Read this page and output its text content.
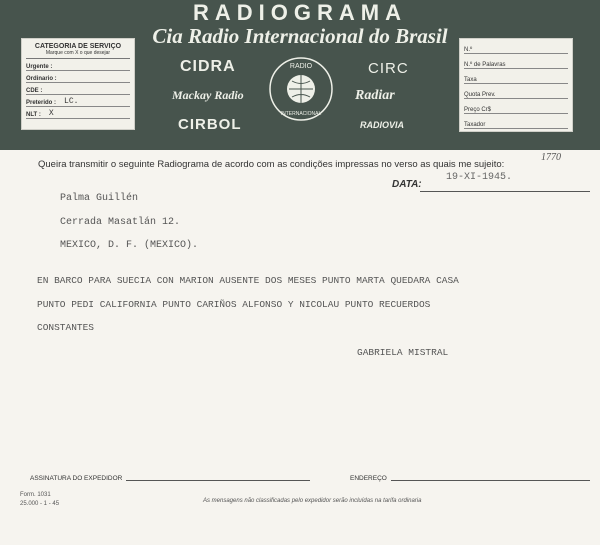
RADIOGRAMA
Cia Radio Internacional do Brasil
CATEGORIA DE SERVIÇO
Marque com X o que desejar
Urgente :
Ordinario :
CDE :
Preterido : LC.
NLT : X
N.º
N.º de Palavras
Taxa
Quota Prev.
Preço Cr$
Taxador
CIDRA
Mackay Radio
CIRBOL
CIRC
Radiar
RADIOVIA
RADIO
INTERNACIONAL
Queira transmitir o seguinte Radiograma de acordo com as condições impressas no verso as quais me sujeito:
1770
DATA:
19-XI-1945.
Palma Guillén
Cerrada Masatlán 12.
MEXICO, D. F. (MEXICO).
EN BARCO PARA SUECIA CON MARION AUSENTE DOS MESES PUNTO MARTA QUEDARA CASA
PUNTO PEDI CALIFORNIA PUNTO CARIÑOS ALFONSO Y NICOLAU PUNTO RECUERDOS
CONSTANTES
GABRIELA MISTRAL
ASSINATURA DO EXPEDIDOR	ENDEREÇO
Form. 1031
25.000 - 1 - 45	As mensagens não classificadas pelo expedidor serão incluídas na tarifa ordinaria
